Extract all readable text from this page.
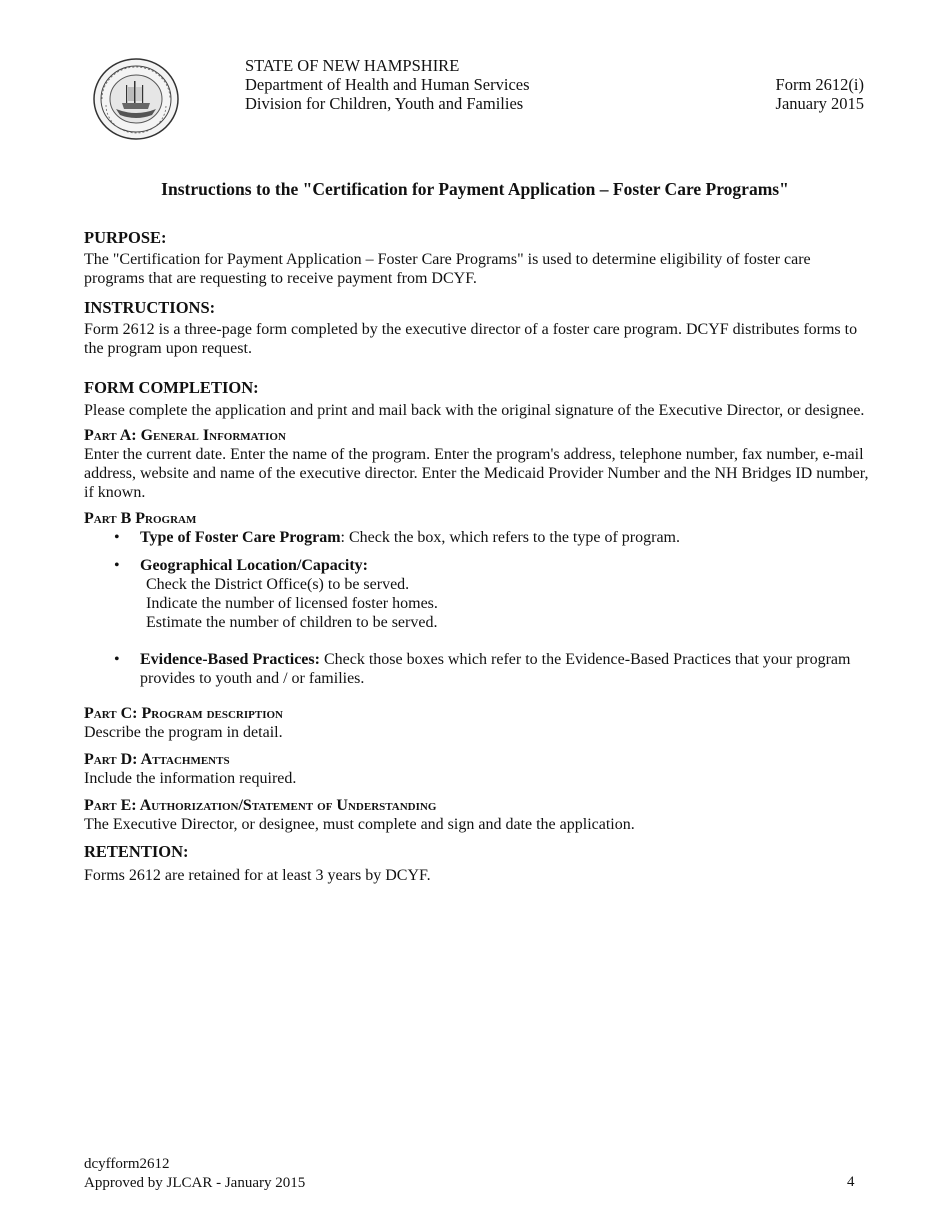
STATE OF NEW HAMPSHIRE
Department of Health and Human Services
Division for Children, Youth and Families
Form 2612(i)
January 2015
Instructions to the "Certification for Payment Application – Foster Care Programs"
PURPOSE:

The "Certification for Payment Application – Foster Care Programs" is used to determine eligibility of foster care programs that are requesting to receive payment from DCYF.

INSTRUCTIONS:

Form 2612 is a three-page form completed by the executive director of a foster care program. DCYF distributes forms to the program upon request.

FORM COMPLETION:

Please complete the application and print and mail back with the original signature of the Executive Director, or designee.

Part A: General Information

Enter the current date. Enter the name of the program. Enter the program's address, telephone number, fax number, e-mail address, website and name of the executive director. Enter the Medicaid Provider Number and the NH Bridges ID number, if known.

Part B Program
• Type of Foster Care Program: Check the box, which refers to the type of program.
• Geographical Location/Capacity:
Check the District Office(s) to be served.
Indicate the number of licensed foster homes.
Estimate the number of children to be served.
• Evidence-Based Practices: Check those boxes which refer to the Evidence-Based Practices that your program provides to youth and / or families.
Part C: Program description

Describe the program in detail.

Part D: Attachments

Include the information required.

Part E: Authorization/Statement of Understanding

The Executive Director, or designee, must complete and sign and date the application.

RETENTION:

Forms 2612 are retained for at least 3 years by DCYF.

dcyfform2612
Approved by JLCAR - January 2015	4
